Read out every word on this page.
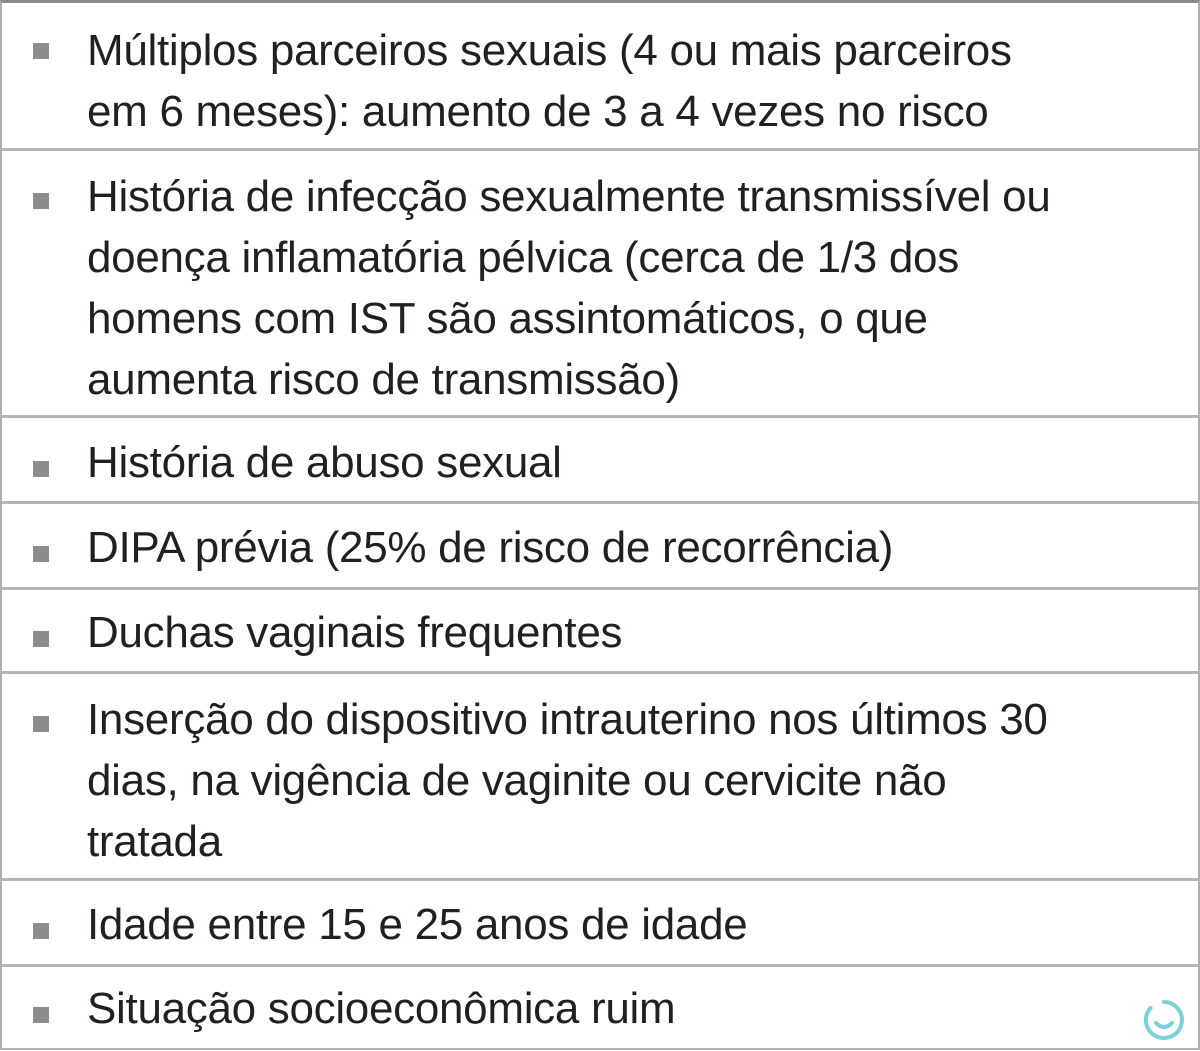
Múltiplos parceiros sexuais (4 ou mais parceiros
em 6 meses): aumento de 3 a 4 vezes no risco
História de infecção sexualmente transmissível ou
doença inflamatória pélvica (cerca de 1/3 dos
homens com IST são assintomáticos, o que
aumenta risco de transmissão)
História de abuso sexual
DIPA prévia (25% de risco de recorrência)
Duchas vaginais frequentes
Inserção do dispositivo intrauterino nos últimos 30
dias, na vigência de vaginite ou cervicite não
tratada
Idade entre 15 e 25 anos de idade
Situação socioeconômica ruim
